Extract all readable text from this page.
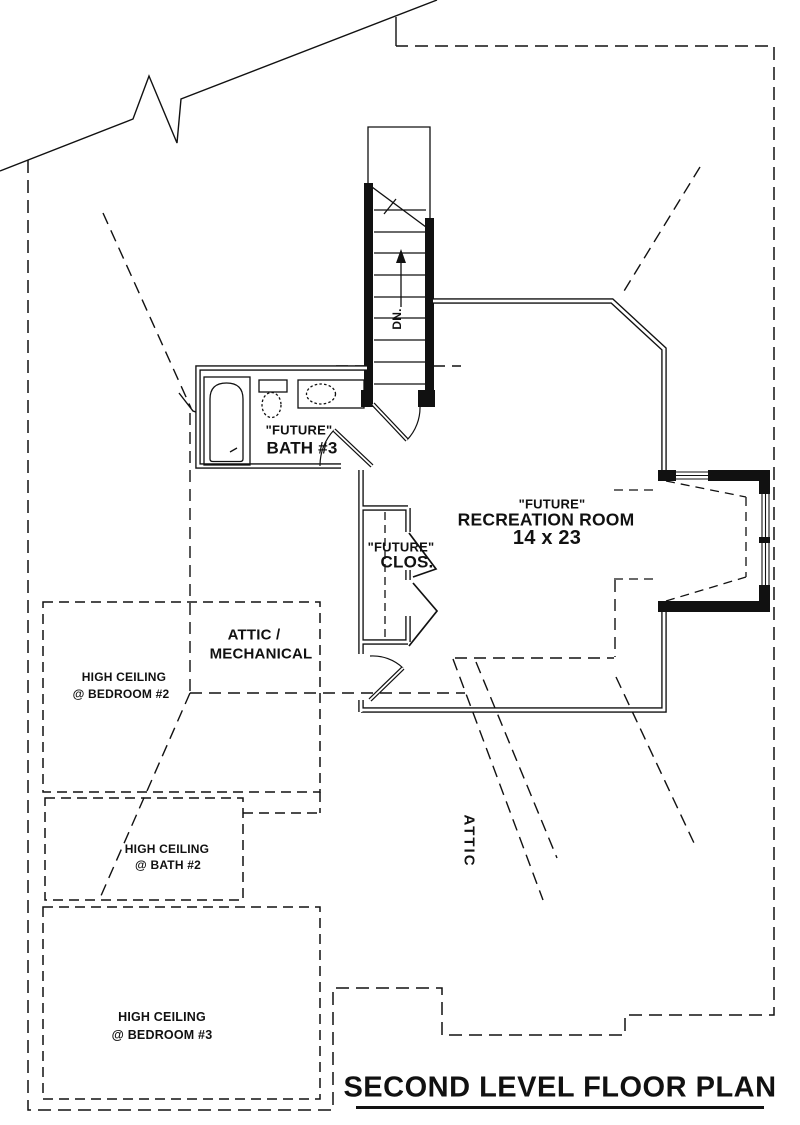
DN.
"FUTURE"
BATH #3
"FUTURE"
RECREATION ROOM
14 x 23
"FUTURE"
CLOS.
ATTIC /
MECHANICAL
HIGH CEILING
@ BEDROOM #2
HIGH CEILING
@ BATH #2
HIGH CEILING
@ BEDROOM #3
ATTIC
SECOND LEVEL FLOOR PLAN
